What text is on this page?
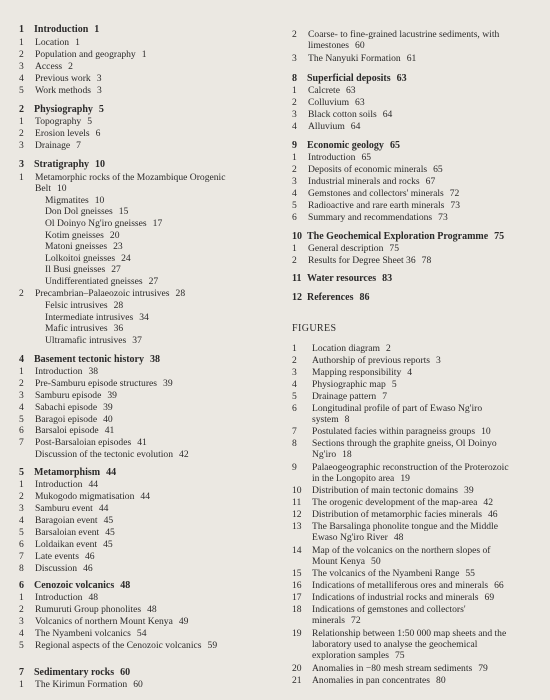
1 Introduction 1
1 Location 1
2 Population and geography 1
3 Access 2
4 Previous work 3
5 Work methods 3
2 Physiography 5
1 Topography 5
2 Erosion levels 6
3 Drainage 7
3 Stratigraphy 10
1 Metamorphic rocks of the Mozambique Orogenic
Belt 10
Migmatites 10
Don Dol gneisses 15
Ol Doinyo Ng'iro gneisses 17
Kotim gneisses 20
Matoni gneisses 23
Lolkoitoi gneisses 24
Il Busi gneisses 27
Undifferentiated gneisses 27
2 Precambrian–Palaeozoic intrusives 28
Felsic intrusives 28
Intermediate intrusives 34
Mafic intrusives 36
Ultramafic intrusives 37
4 Basement tectonic history 38
1 Introduction 38
2 Pre-Samburu episode structures 39
3 Samburu episode 39
4 Sabachi episode 39
5 Baragoi episode 40
6 Barsaloi episode 41
7 Post-Barsaloian episodes 41
Discussion of the tectonic evolution 42
5 Metamorphism 44
1 Introduction 44
2 Mukogodo migmatisation 44
3 Samburu event 44
4 Baragoian event 45
5 Barsaloian event 45
6 Loldaikan event 45
7 Late events 46
8 Discussion 46
6 Cenozoic volcanics 48
1 Introduction 48
2 Rumuruti Group phonolites 48
3 Volcanics of northern Mount Kenya 49
4 The Nyambeni volcanics 54
5 Regional aspects of the Cenozoic volcanics 59
7 Sedimentary rocks 60
1 The Kirimun Formation 60
2 Coarse- to fine-grained lacustrine sediments, with
limestones 60
3 The Nanyuki Formation 61
8 Superficial deposits 63
1 Calcrete 63
2 Colluvium 63
3 Black cotton soils 64
4 Alluvium 64
9 Economic geology 65
1 Introduction 65
2 Deposits of economic minerals 65
3 Industrial minerals and rocks 67
4 Gemstones and collectors' minerals 72
5 Radioactive and rare earth minerals 73
6 Summary and recommendations 73
10 The Geochemical Exploration Programme 75
1 General description 75
2 Results for Degree Sheet 36 78
11 Water resources 83
12 References 86
FIGURES
1 Location diagram 2
2 Authorship of previous reports 3
3 Mapping responsibility 4
4 Physiographic map 5
5 Drainage pattern 7
6 Longitudinal profile of part of Ewaso Ng'iro
system 8
7 Postulated facies within paragneiss groups 10
8 Sections through the graphite gneiss, Ol Doinyo
Ng'iro 18
9 Palaeogeographic reconstruction of the Proterozoic
in the Longopito area 19
10 Distribution of main tectonic domains 39
11 The orogenic development of the map-area 42
12 Distribution of metamorphic facies minerals 46
13 The Barsalinga phonolite tongue and the Middle
Ewaso Ng'iro River 48
14 Map of the volcanics on the northern slopes of
Mount Kenya 50
15 The volcanics of the Nyambeni Range 55
16 Indications of metalliferous ores and minerals 66
17 Indications of industrial rocks and minerals 69
18 Indications of gemstones and collectors'
minerals 72
19 Relationship between 1:50 000 map sheets and the
laboratory used to analyse the geochemical
exploration samples 75
20 Anomalies in −80 mesh stream sediments 79
21 Anomalies in pan concentrates 80
